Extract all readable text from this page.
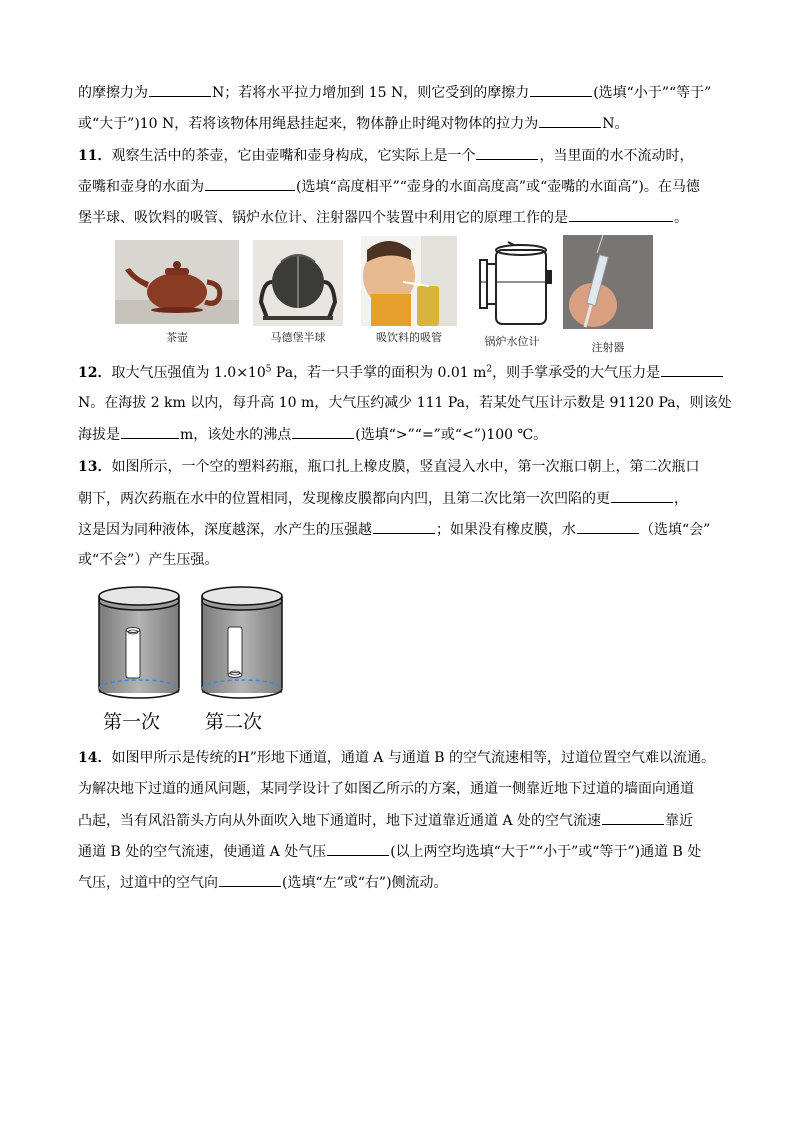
的摩擦力为	N；若将水平拉力增加到 15 N，则它受到的摩擦力	(选填“小于”“等于”
或“大于”)10 N，若将该物体用绳悬挂起来，物体静止时绳对物体的拉力为	N。
11．观察生活中的茶壶，它由壶嘴和壶身构成，它实际上是一个	，当里面的水不流动时，
壶嘴和壶身的水面为	(选填“高度相平”“壶身的水面高度高”或“壶嘴的水面高”)。在马德
堡半球、吸饮料的吸管、锅炉水位计、注射器四个装置中利用它的原理工作的是	。
茶壶	马德堡半球	吸饮料的吸管	锅炉水位计	注射器
12．取大气压强值为 $1.0\times 10^5$ Pa，若一只手掌的面积为 0.01 $m^2$，则手掌承受的大气压力是
N。在海拔 2 km 以内，每升高 10 m，大气压约减少 111 Pa，若某处气压计示数是 91120 Pa，则该处
海拔是	m，该处水的沸点	(选填“>”“=”或“<”)100 ℃。
13．如图所示，一个空的塑料药瓶，瓶口扎上橡皮膜，竖直浸入水中，第一次瓶口朝上，第二次瓶口
朝下，两次药瓶在水中的位置相同，发现橡皮膜都向内凹，且第二次比第一次凹陷的更	，
这是因为同种液体，深度越深，水产生的压强越	；如果没有橡皮膜，水	（选填“会”
或“不会”）产生压强。
第一次 第二次
14．如图甲所示是传统的H”形地下通道，通道 A 与通道 B 的空气流速相等，过道位置空气难以流通。
为解决地下过道的通风问题，某同学设计了如图乙所示的方案，通道一侧靠近地下过道的墙面向通道
凸起，当有风沿箭头方向从外面吹入地下通道时，地下过道靠近通道 A 处的空气流速	靠近
通道 B 处的空气流速，使通道 A 处气压	(以上两空均选填“大于”“小于”或“等于”)通道 B 处
气压，过道中的空气向	(选填“左”或“右”)侧流动。
